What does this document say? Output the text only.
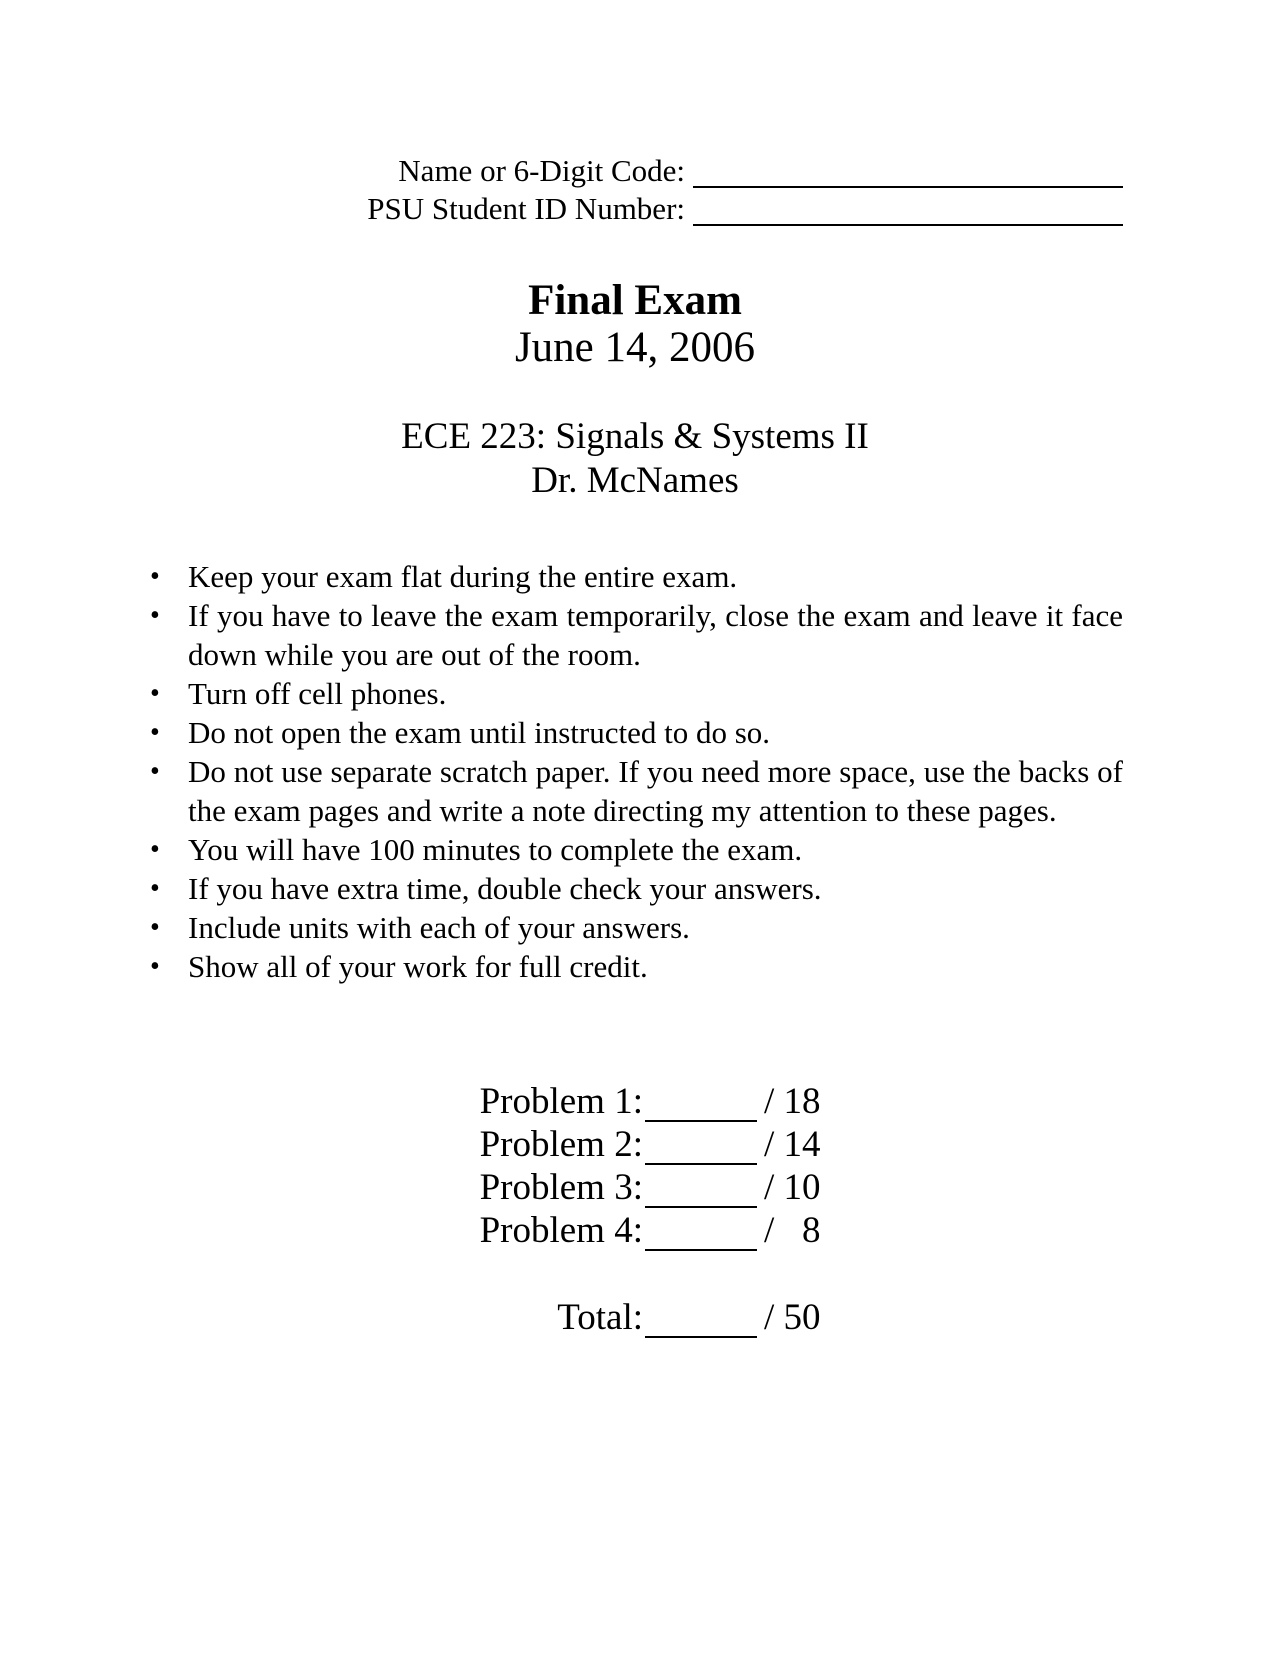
Name or 6-Digit Code:
PSU Student ID Number:
Final Exam
June 14, 2006
ECE 223: Signals & Systems II
Dr. McNames
• Keep your exam flat during the entire exam.
• If you have to leave the exam temporarily, close the exam and leave it face down while you are out of the room.
• Turn off cell phones.
• Do not open the exam until instructed to do so.
• Do not use separate scratch paper. If you need more space, use the backs of the exam pages and write a note directing my attention to these pages.
• You will have 100 minutes to complete the exam.
• If you have extra time, double check your answers.
• Include units with each of your answers.
• Show all of your work for full credit.
Problem 1:	/ 18
Problem 2:	/ 14
Problem 3:	/ 10
Problem 4:	/   8
Total:	/ 50
